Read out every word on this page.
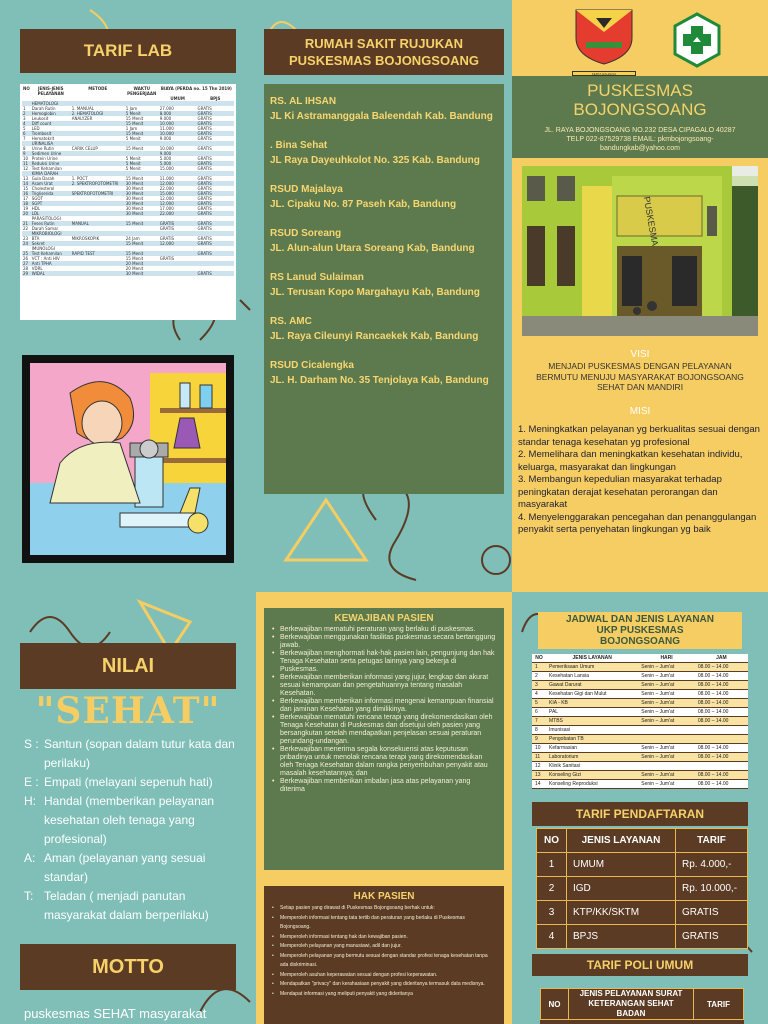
TARIF LAB
NO	JENIS-JENIS PELAYANAN	METODE	WAKTU PENGERJAAN	BIAYA (PERDA no. 15 Thn 2019)	
				UMUM	BPJS
	HEMATOLOGI				
1	Darah Rutin	1. MANUAL	1 Jam	27.000	GRATIS
2	Hemoglobin	2. HEMATOLOGI	5 Menit	8.000	GRATIS
3	Leukosit	ANALYZER	15 Menit	9.000	GRATIS
4	Diff count		15 Menit	10.000	GRATIS
5	LED		1 Jam	11.000	GRATIS
6	Trombosit		15 Menit	10.000	GRATIS
7	Hematokrit		5 Menit	9.000	GRATIS
	URINALISA				
8	Urine Rutin	CARIK CELUP	15 Menit	10.000	GRATIS
9	Sedimen Urine			9.000	
10	Protein Urine		5 Menit	5.000	GRATIS
11	Reduksi Urine		5 Menit	5.000	GRATIS
12	Test Kehamilan		5 Menit	15.000	GRATIS
	KIMIA DARAH				
13	Gula Darah	1. POCT	15 Menit	11.000	GRATIS
14	Asam Urat	2. SPEKTROFOTOMETRI	30 Menit	12.000	GRATIS
15	Cholesterol		30 Menit	22.000	GRATIS
16	Trigliserida	SPEKTROFOTOMETRI	30 Menit	15.000	GRATIS
17	SGOT		30 Menit	12.000	GRATIS
18	SGPT		30 Menit	12.000	GRATIS
19	HDL		30 Menit	17.000	GRATIS
20	LDL		30 Menit	22.000	GRATIS
	PARASITOLOGI				
21	Feses Rutin	MANUAL	15 Menit	GRATIS	GRATIS
22	Darah Samar			GRATIS	GRATIS
	MIKROBIOLOGI				
23	BTA	MIKROSKOPIK	24 Jam	GRATIS	GRATIS
24	Sekret		15 Menit	12.000	GRATIS
	IMUNOLOGI				
25	Test Kehamilan	RAPID TEST	15 Menit		GRATIS
26	VCT : Anti HIV		15 Menit	GRATIS	
27	Anti TPHA		20 Menit		
28	VDRL		20 Menit		
29	WIDAL		30 Menit		GRATIS
RUMAH SAKIT RUJUKAN
PUSKESMAS BOJONGSOANG
RS. AL IHSAN
JL Ki Astramanggala Baleendah Kab. Bandung
. Bina Sehat
JL Raya Dayeuhkolot No. 325 Kab. Bandung
RSUD Majalaya
JL. Cipaku No. 87 Paseh Kab, Bandung
RSUD Soreang
JL. Alun-alun Utara Soreang Kab, Bandung
RS Lanud Sulaiman
JL. Terusan Kopo Margahayu Kab, Bandung
RS. AMC
JL. Raya Cileunyi Rancaekek Kab, Bandung
RSUD Cicalengka
JL. H. Darham No. 35 Tenjolaya Kab, Bandung
KERTA RAHARJA
PUSKESMAS
BOJONGSOANG
JL. RAYA BOJONGSOANG NO.232 DESA CIPAGALO 40287
TELP 022-87529738 EMAIL: pkmbojongsoang-bandungkab@yahoo.com
VISI
MENJADI PUSKESMAS DENGAN PELAYANAN BERMUTU MENUJU MASYARAKAT BOJONGSOANG SEHAT DAN MANDIRI
MISI
1. Meningkatkan pelayanan yg berkualitas sesuai dengan standar tenaga kesehatan yg profesional
2. Memelihara dan meningkatkan kesehatan individu, keluarga, masyarakat dan lingkungan
3. Membangun kepedulian masyarakat terhadap peningkatan derajat kesehatan perorangan dan masyarakat
4. Menyelenggarakan pencegahan dan penanggulangan penyakit serta penyehatan lingkungan yg baik
NILAI
"SEHAT"
S : Santun (sopan dalam tutur kata dan perilaku)
E : Empati (melayani sepenuh hati)
H: Handal (memberikan pelayanan kesehatan oleh tenaga yang profesional)
A: Aman (pelayanan yang sesuai standar)
T: Teladan ( menjadi panutan masyarakat dalam berperilaku)
MOTTO
puskesmas SEHAT masyarakat
KEWAJIBAN PASIEN
• Berkewajiban mematuhi peraturan yang berlaku di puskesmas.
• Berkewajiban menggunakan fasilitas puskesmas secara bertanggung jawab.
• Berkewajiban menghormati hak-hak pasien lain, pengunjung dan hak Tenaga Kesehatan serta petugas lainnya yang bekerja di Puskesmas.
• Berkewajiban memberikan informasi yang jujur, lengkap dan akurat sesuai kemampuan dan pengetahuannya tentang masalah Kesehatan.
• Berkewajiban memberikan informasi mengenai kemampuan finansial dan jaminan Kesehatan yang dimilikinya.
• Berkewajiban mematuhi rencana terapi yang direkomendasikan oleh Tenaga Kesehatan di Puskesmas dan disetujui oleh pasien yang bersangkutan setelah mendapatkan penjelasan sesuai peraturan perundang-undangan.
• Berkewajiban menerima segala konsekuensi atas keputusan pribadinya untuk menolak rencana terapi yang direkomendasikan oleh Tenaga Kesehatan dalam rangka penyembuhan penyakit atau masalah kesehatannya; dan
• Berkewajiban memberikan imbalan jasa atas pelayanan yang diterima
HAK PASIEN
• Setiap pasien yang dirawat di Puskesmas Bojongsoang berhak untuk:
• Memperoleh informasi tentang tata tertib dan peraturan yang berlaku di Puskesmas Bojongsoang.
• Memperoleh informasi tentang hak dan kewajiban pasien.
• Memperoleh pelayanan yang manusiawi, adil dan jujur.
• Memperoleh pelayanan yang bermutu sesuai dengan standar profesi tenaga kesehatan tanpa ada diskriminasi.
• Memperoleh asuhan keperawatan sesuai dengan profesi keperawatan.
• Mendapatkan "privacy" dan kerahasiaan penyakit yang dideritanya termasuk data medisnya.
• Mendapat informasi yang meliputi penyakit yang dideritanya
JADWAL DAN JENIS LAYANAN
UKP PUSKESMAS
BOJONGSOANG
NO	JENIS LAYANAN	HARI	JAM
1	Pemeriksaan Umum	Senin – Jum'at	08.00 – 14.00
2	Kesehatan Lansia	Senin – Jum'at	08.00 – 14.00
3	Gawat Darurat	Senin – Jum'at	08.00 – 14.00
4	Kesehatan Gigi dan Mulut	Senin – Jum'at	08.00 – 14.00
5	KIA - KB	Senin – Jum'at	08.00 – 14.00
6	PAL	Senin – Jum'at	08.00 – 14.00
7	MTBS	Senin – Jum'at	08.00 – 14.00
8	Imunisasi		
9	Pengobatan TB		
10	Kefarmasian	Senin – Jum'at	08.00 – 14.00
11	Laboratorium	Senin – Jum'at	08.00 – 14.00
12	Klinik Sanitasi		
13	Konseling Gizi	Senin – Jum'at	08.00 – 14.00
14	Konseling Reproduksi	Senin – Jum'at	08.00 – 14.00
TARIF PENDAFTARAN
NO	JENIS LAYANAN	TARIF
1	UMUM	Rp. 4.000,-
2	IGD	Rp. 10.000,-
3	KTP/KK/SKTM	GRATIS
4	BPJS	GRATIS
TARIF POLI UMUM
NO	JENIS PELAYANAN SURAT KETERANGAN SEHAT BADAN	TARIF
